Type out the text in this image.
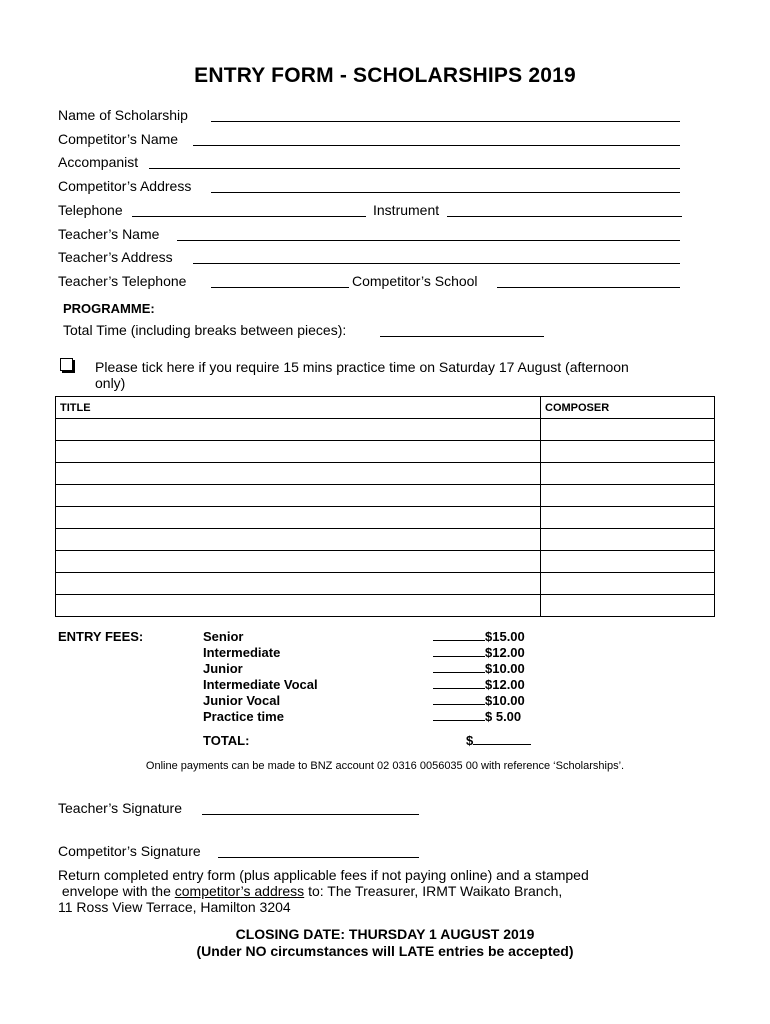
ENTRY FORM - SCHOLARSHIPS 2019
Name of Scholarship
Competitor’s Name
Accompanist
Competitor’s Address
Telephone	Instrument
Teacher’s Name
Teacher’s Address
Teacher’s Telephone	Competitor’s School
PROGRAMME:
Total Time (including breaks between pieces):
Please tick here if you require 15 mins practice time on Saturday 17 August (afternoon
only)
TITLE	COMPOSER

ENTRY FEES:	Senior	$15.00
Intermediate	$12.00
Junior	$10.00
Intermediate Vocal	$12.00
Junior Vocal	$10.00
Practice time	$ 5.00
TOTAL:	$
Online payments can be made to BNZ account 02 0316 0056035 00 with reference ‘Scholarships’.
Teacher’s Signature
Competitor’s Signature
Return completed entry form (plus applicable fees if not paying online) and a stamped
envelope with the competitor’s address to: The Treasurer, IRMT Waikato Branch,
11 Ross View Terrace, Hamilton 3204
CLOSING DATE: THURSDAY 1 AUGUST 2019
(Under NO circumstances will LATE entries be accepted)
